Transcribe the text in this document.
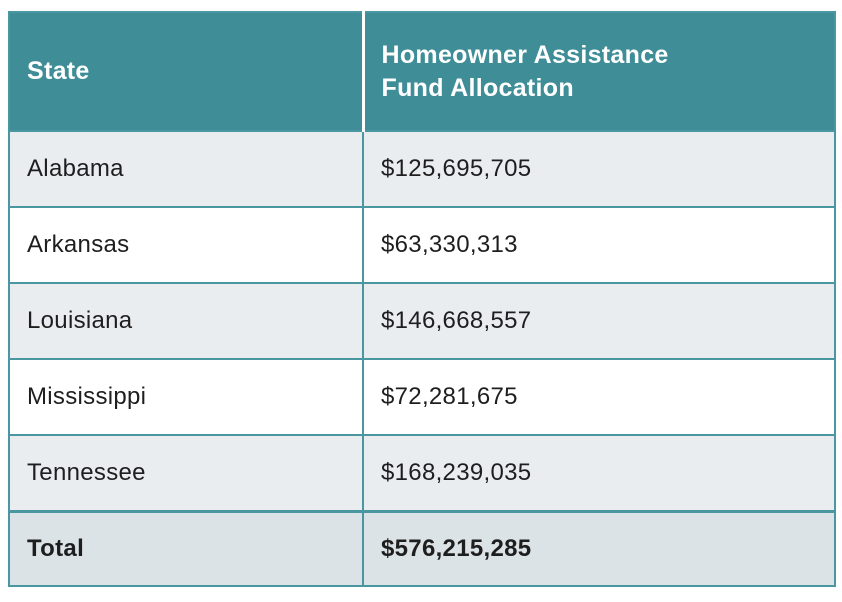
State	Homeowner Assistance Fund Allocation

Alabama	$125,695,705
Arkansas	$63,330,313
Louisiana	$146,668,557
Mississippi	$72,281,675
Tennessee	$168,239,035
Total	$576,215,285
